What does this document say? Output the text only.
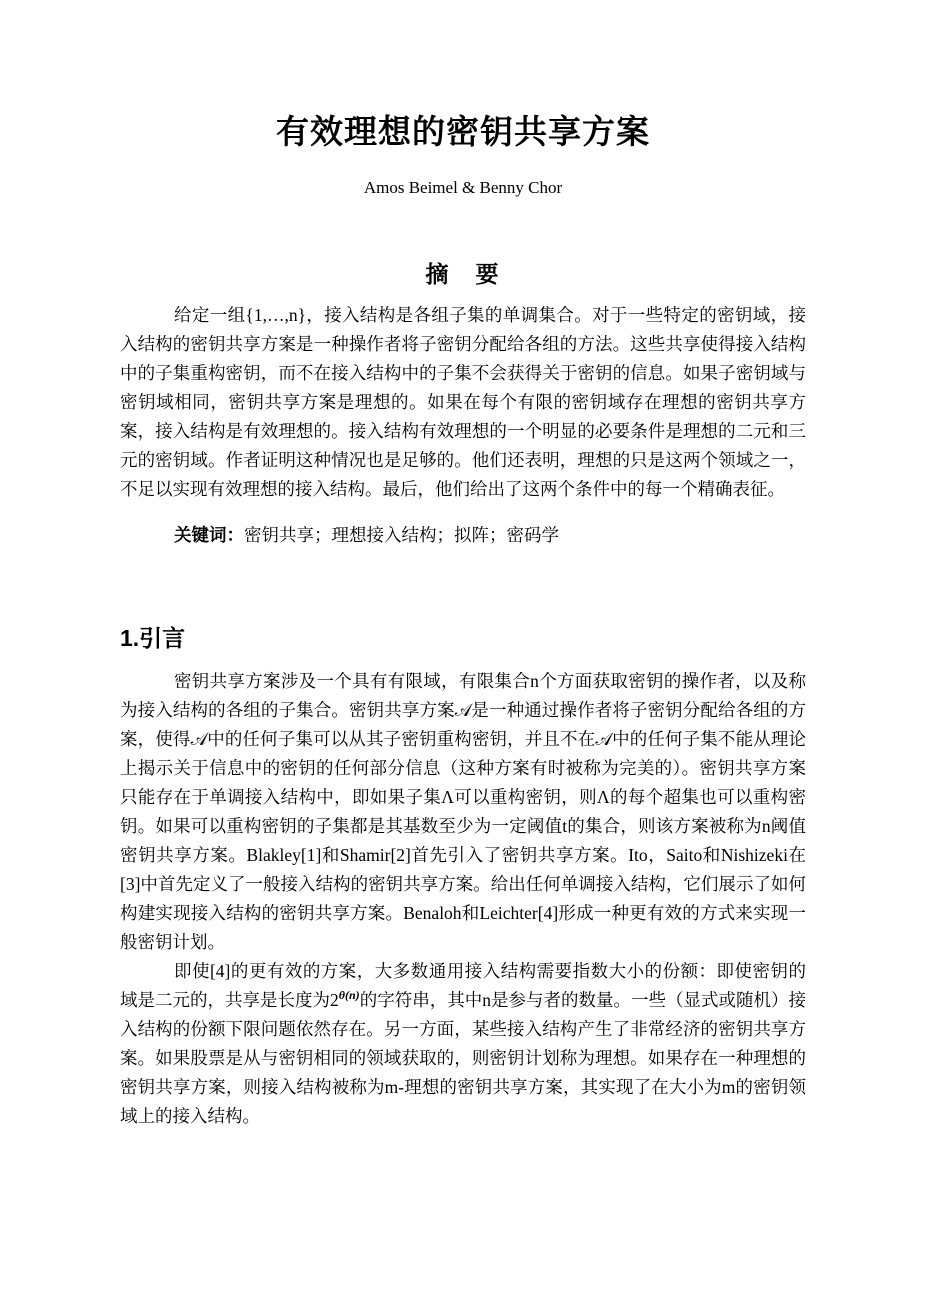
有效理想的密钥共享方案
Amos Beimel & Benny Chor
摘　要

给定一组{1,…,n}，接入结构是各组子集的单调集合。对于一些特定的密钥域，接入结构的密钥共享方案是一种操作者将子密钥分配给各组的方法。这些共享使得接入结构中的子集重构密钥，而不在接入结构中的子集不会获得关于密钥的信息。如果子密钥域与密钥域相同，密钥共享方案是理想的。如果在每个有限的密钥域存在理想的密钥共享方案，接入结构是有效理想的。接入结构有效理想的一个明显的必要条件是理想的二元和三元的密钥域。作者证明这种情况也是足够的。他们还表明，理想的只是这两个领域之一，不足以实现有效理想的接入结构。最后，他们给出了这两个条件中的每一个精确表征。

关键词：密钥共享；理想接入结构；拟阵；密码学

1.引言

密钥共享方案涉及一个具有有限域，有限集合n个方面获取密钥的操作者，以及称为接入结构的各组的子集合。密钥共享方案𝒜是一种通过操作者将子密钥分配给各组的方案，使得𝒜中的任何子集可以从其子密钥重构密钥，并且不在𝒜中的任何子集不能从理论上揭示关于信息中的密钥的任何部分信息（这种方案有时被称为完美的）。密钥共享方案只能存在于单调接入结构中，即如果子集Λ可以重构密钥，则Λ的每个超集也可以重构密钥。如果可以重构密钥的子集都是其基数至少为一定阈值t的集合，则该方案被称为n阈值密钥共享方案。Blakley[1]和Shamir[2]首先引入了密钥共享方案。Ito，Saito和Nishizeki在[3]中首先定义了一般接入结构的密钥共享方案。给出任何单调接入结构，它们展示了如何构建实现接入结构的密钥共享方案。Benaloh和Leichter[4]形成一种更有效的方式来实现一般密钥计划。

即使[4]的更有效的方案，大多数通用接入结构需要指数大小的份额：即使密钥的域是二元的，共享是长度为$2^{\theta(n)}$的字符串，其中n是参与者的数量。一些（显式或随机）接入结构的份额下限问题依然存在。另一方面，某些接入结构产生了非常经济的密钥共享方案。如果股票是从与密钥相同的领域获取的，则密钥计划称为理想。如果存在一种理想的密钥共享方案，则接入结构被称为m-理想的密钥共享方案，其实现了在大小为m的密钥领域上的接入结构。
